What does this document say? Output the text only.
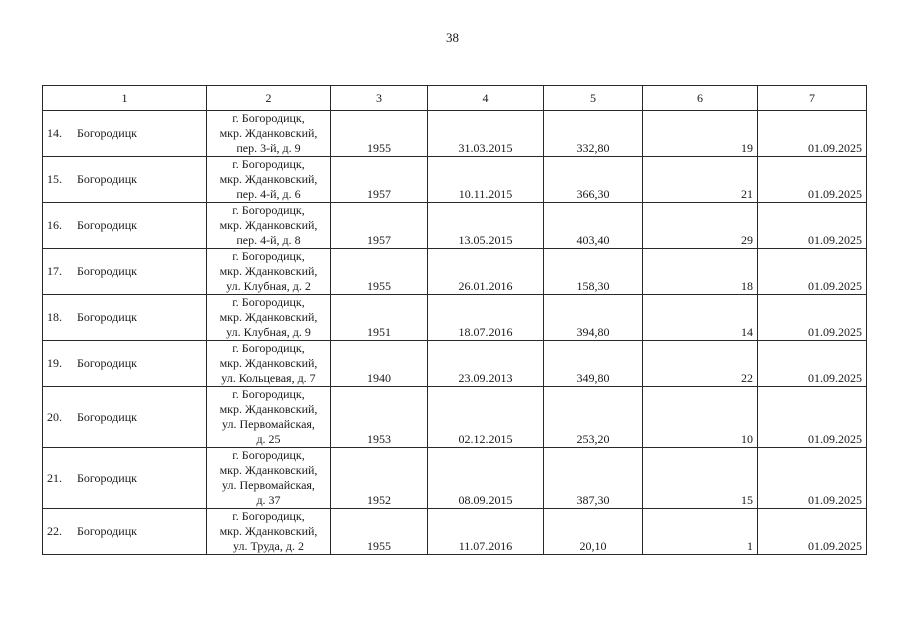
38
1	2	3	4	5	6	7
14. Богородицк	г. Богородицк,
мкр. Жданковский,
пер. 3-й, д. 9	1955	31.03.2015	332,80	19	01.09.2025
15. Богородицк	г. Богородицк,
мкр. Жданковский,
пер. 4-й, д. 6	1957	10.11.2015	366,30	21	01.09.2025
16. Богородицк	г. Богородицк,
мкр. Жданковский,
пер. 4-й, д. 8	1957	13.05.2015	403,40	29	01.09.2025
17. Богородицк	г. Богородицк,
мкр. Жданковский,
ул. Клубная, д. 2	1955	26.01.2016	158,30	18	01.09.2025
18. Богородицк	г. Богородицк,
мкр. Жданковский,
ул. Клубная, д. 9	1951	18.07.2016	394,80	14	01.09.2025
19. Богородицк	г. Богородицк,
мкр. Жданковский,
ул. Кольцевая, д. 7	1940	23.09.2013	349,80	22	01.09.2025
20. Богородицк	г. Богородицк,
мкр. Жданковский,
ул. Первомайская,
д. 25	1953	02.12.2015	253,20	10	01.09.2025
21. Богородицк	г. Богородицк,
мкр. Жданковский,
ул. Первомайская,
д. 37	1952	08.09.2015	387,30	15	01.09.2025
22. Богородицк	г. Богородицк,
мкр. Жданковский,
ул. Труда, д. 2	1955	11.07.2016	20,10	1	01.09.2025
